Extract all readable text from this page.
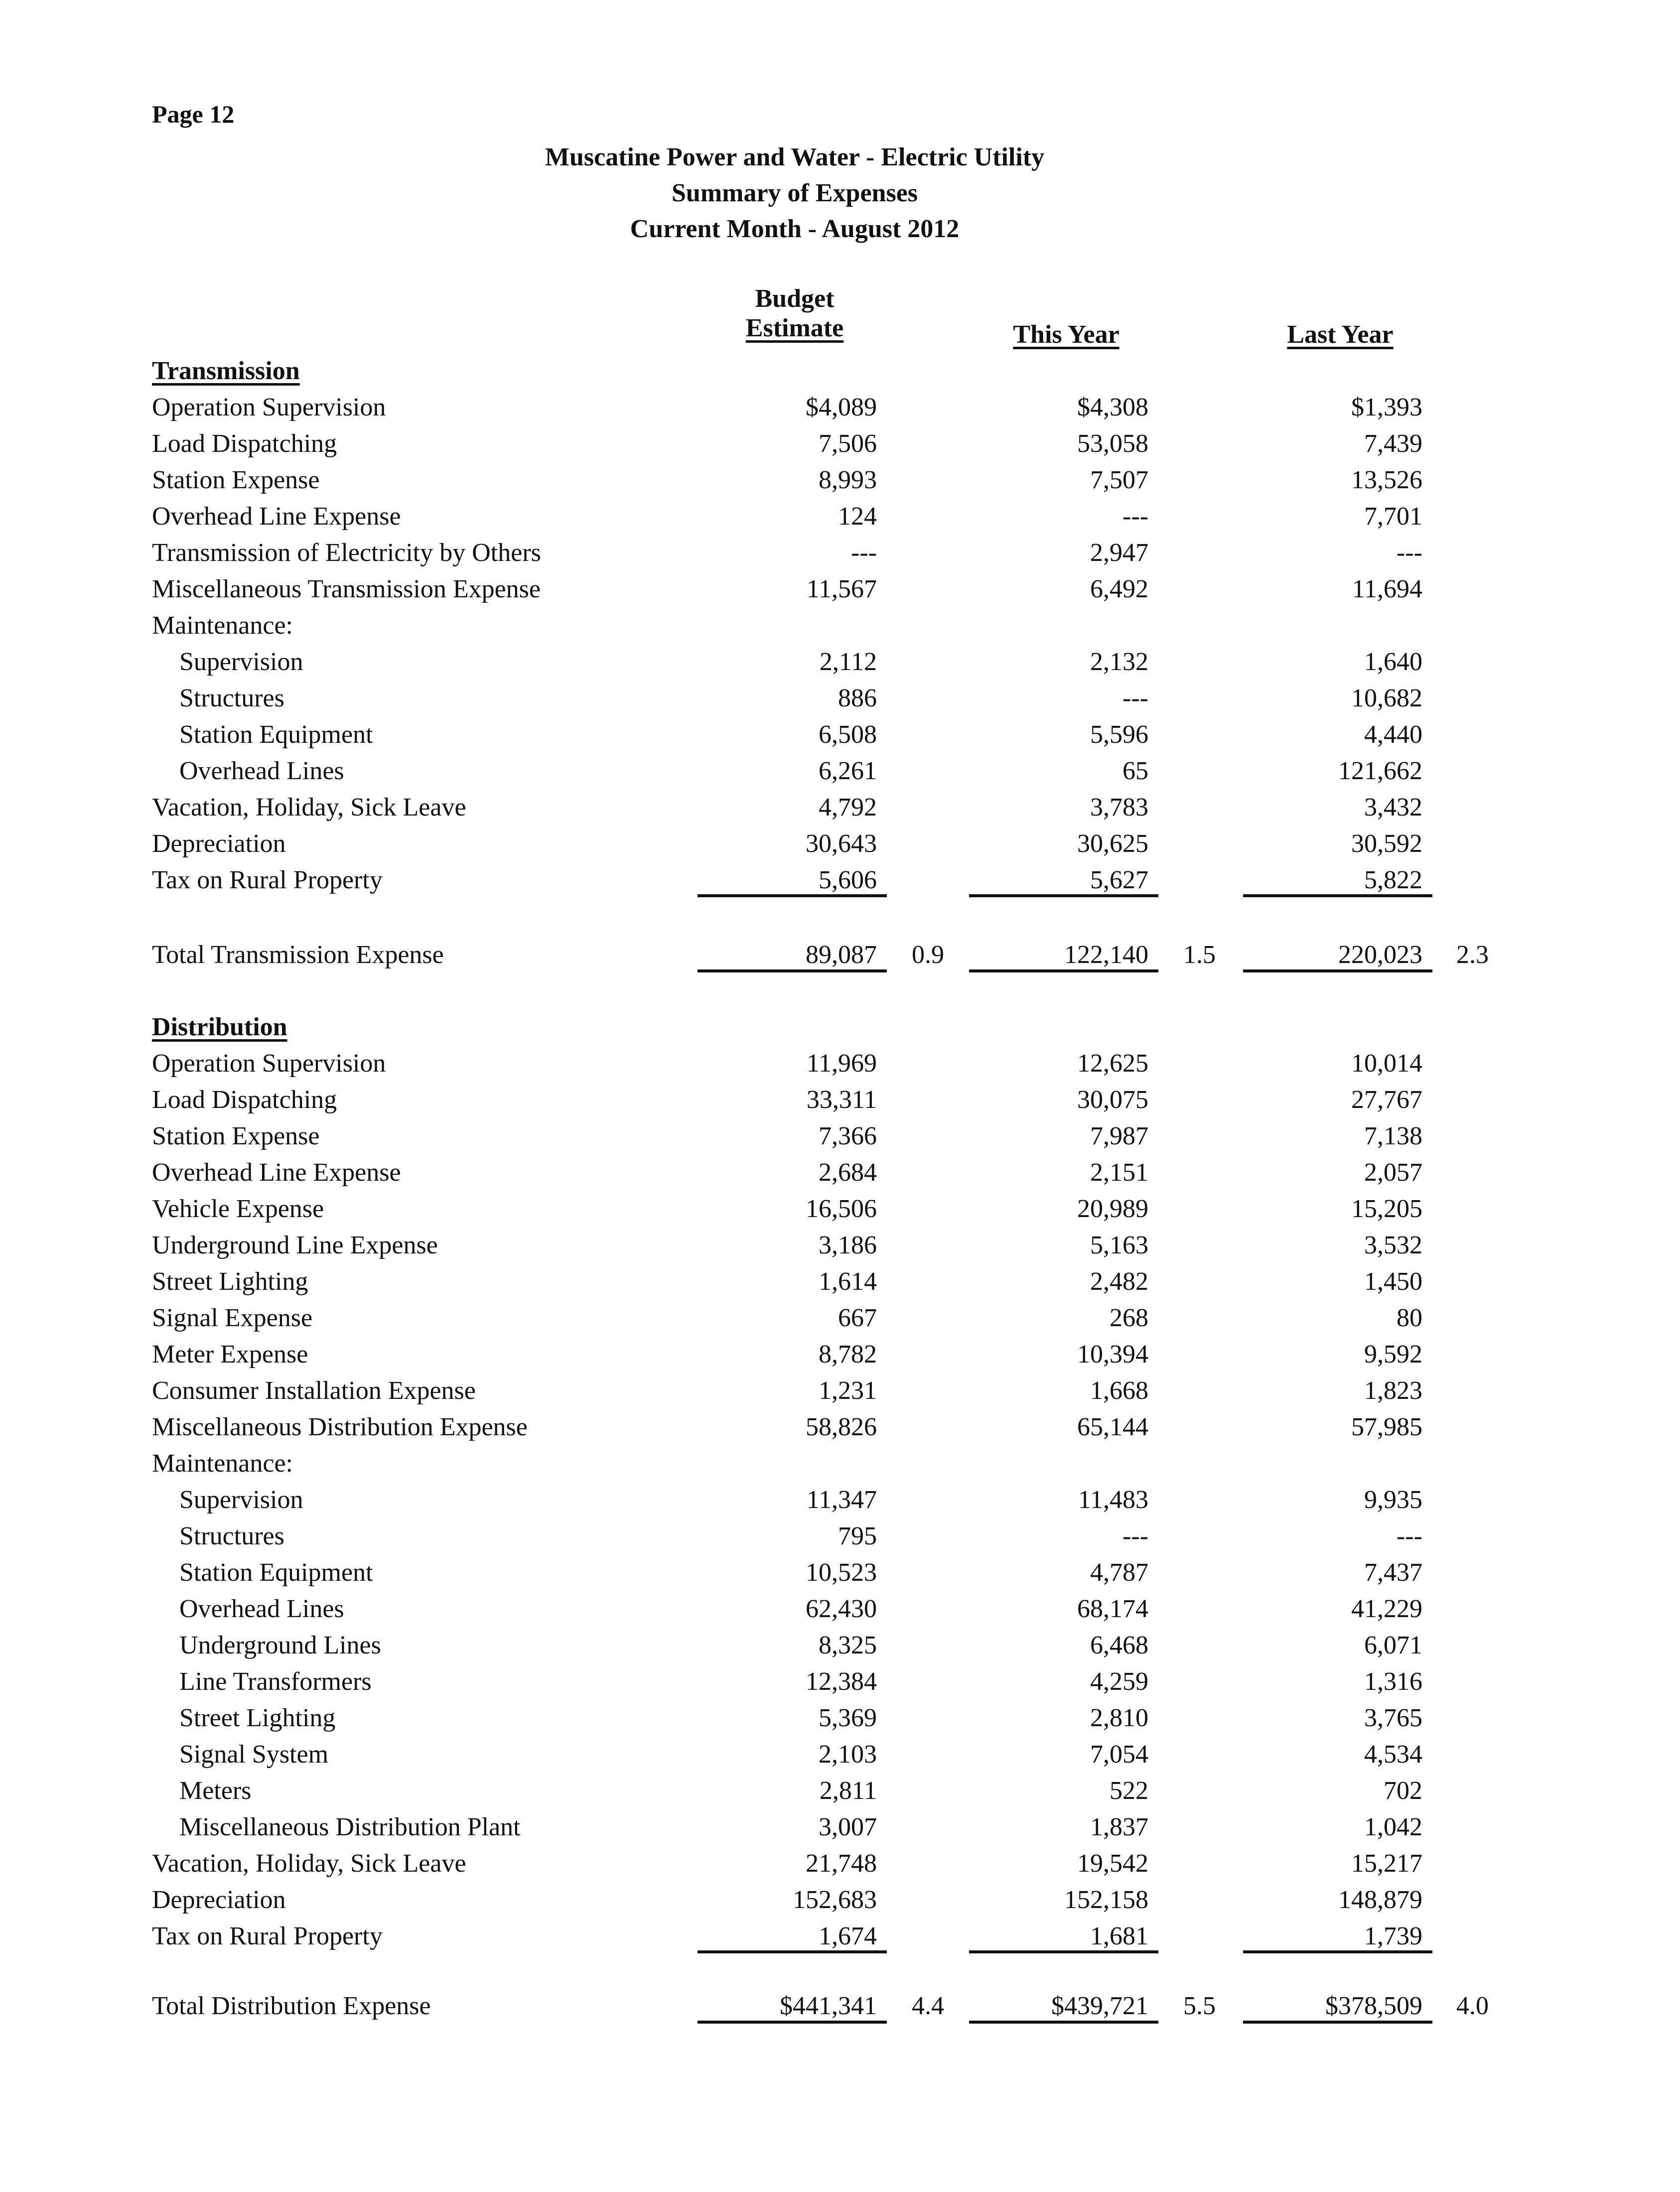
Page 12
Muscatine Power and Water - Electric Utility
Summary of Expenses
Current Month - August 2012
Budget
Estimate	This Year	Last Year
Transmission
Operation Supervision	$4,089	$4,308	$1,393
Load Dispatching	7,506	53,058	7,439
Station Expense	8,993	7,507	13,526
Overhead Line Expense	124	---	7,701
Transmission of Electricity by Others	---	2,947	---
Miscellaneous Transmission Expense	11,567	6,492	11,694
Maintenance:
Supervision	2,112	2,132	1,640
Structures	886	---	10,682
Station Equipment	6,508	5,596	4,440
Overhead Lines	6,261	65	121,662
Vacation, Holiday, Sick Leave	4,792	3,783	3,432
Depreciation	30,643	30,625	30,592
Tax on Rural Property	5,606	5,627	5,822
Total Transmission Expense	89,087 0.9	122,140 1.5	220,023 2.3
Distribution
Operation Supervision	11,969	12,625	10,014
Load Dispatching	33,311	30,075	27,767
Station Expense	7,366	7,987	7,138
Overhead Line Expense	2,684	2,151	2,057
Vehicle Expense	16,506	20,989	15,205
Underground Line Expense	3,186	5,163	3,532
Street Lighting	1,614	2,482	1,450
Signal Expense	667	268	80
Meter Expense	8,782	10,394	9,592
Consumer Installation Expense	1,231	1,668	1,823
Miscellaneous Distribution Expense	58,826	65,144	57,985
Maintenance:
Supervision	11,347	11,483	9,935
Structures	795	---	---
Station Equipment	10,523	4,787	7,437
Overhead Lines	62,430	68,174	41,229
Underground Lines	8,325	6,468	6,071
Line Transformers	12,384	4,259	1,316
Street Lighting	5,369	2,810	3,765
Signal System	2,103	7,054	4,534
Meters	2,811	522	702
Miscellaneous Distribution Plant	3,007	1,837	1,042
Vacation, Holiday, Sick Leave	21,748	19,542	15,217
Depreciation	152,683	152,158	148,879
Tax on Rural Property	1,674	1,681	1,739
Total Distribution Expense	$441,341 4.4	$439,721 5.5	$378,509 4.0
